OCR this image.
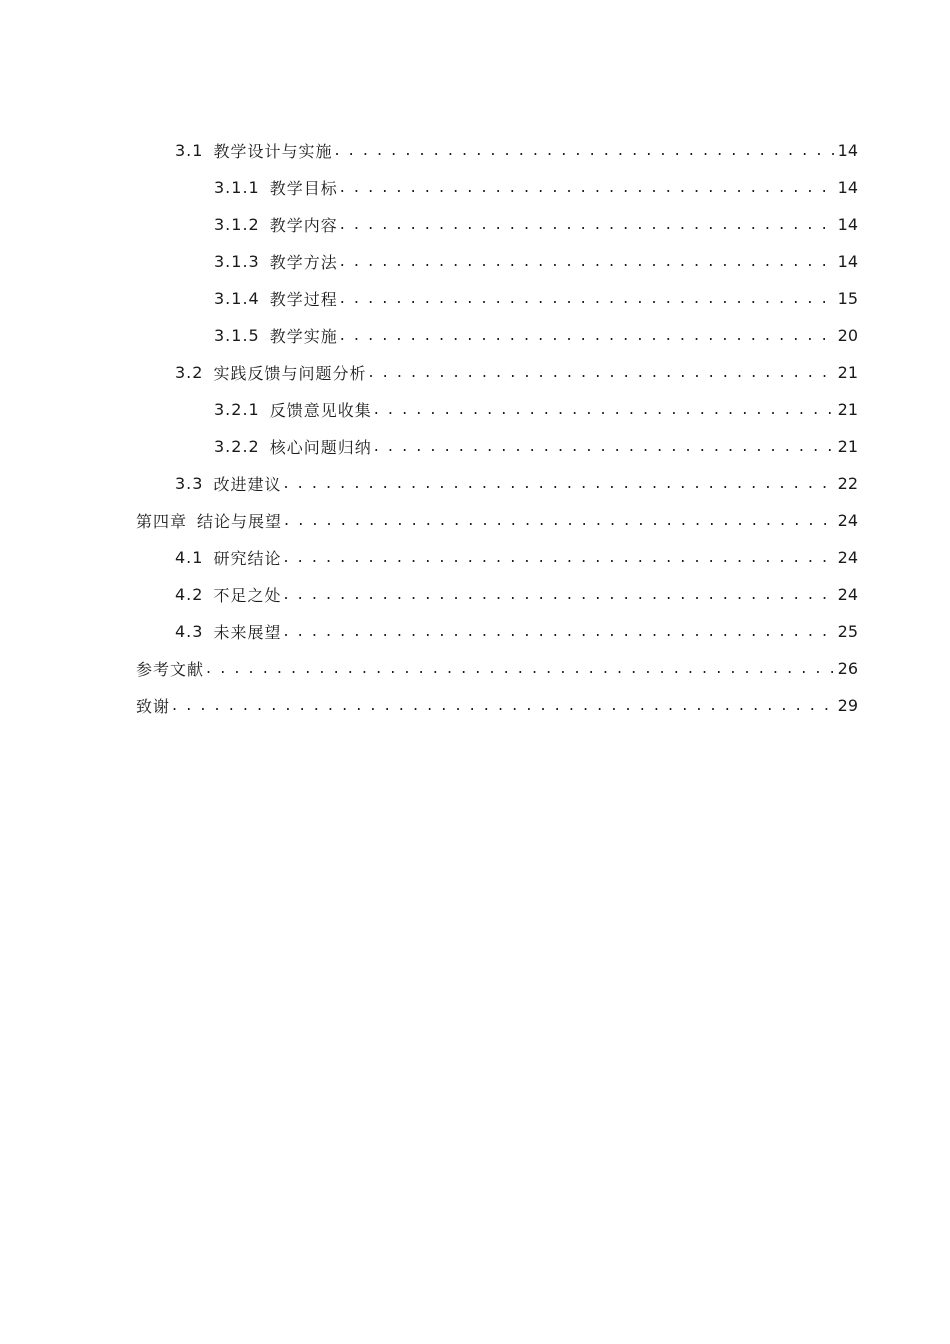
3.1 教学设计与实施 . . .	14
3.1.1 教学目标 . . .	14
3.1.2 教学内容 . . .	14
3.1.3 教学方法 . . .	14
3.1.4 教学过程 . . .	15
3.1.5 教学实施 . . .	20
3.2 实践反馈与问题分析 . . .	21
3.2.1 反馈意见收集 . . .	21
3.2.2 核心问题归纳 . . .	21
3.3 改进建议 . . .	22
第四章 结论与展望 . . .	24
4.1 研究结论 . . .	24
4.2 不足之处 . . .	24
4.3 未来展望 . . .	25
参考文献 . . .	26
致谢 . . .	29
